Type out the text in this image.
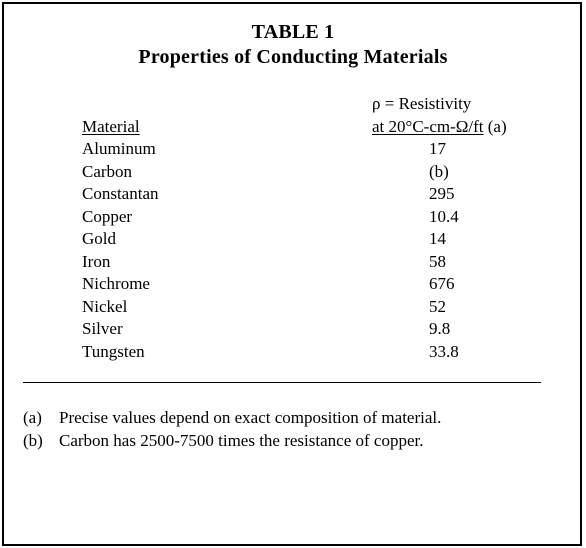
TABLE 1
Properties of Conducting Materials
ρ = Resistivity
Material	at 20°C-cm-Ω/ft (a)
Aluminum	17
Carbon	(b)
Constantan	295
Copper	10.4
Gold	14
Iron	58
Nichrome	676
Nickel	52
Silver	9.8
Tungsten	33.8
(a) Precise values depend on exact composition of material.
(b) Carbon has 2500-7500 times the resistance of copper.
